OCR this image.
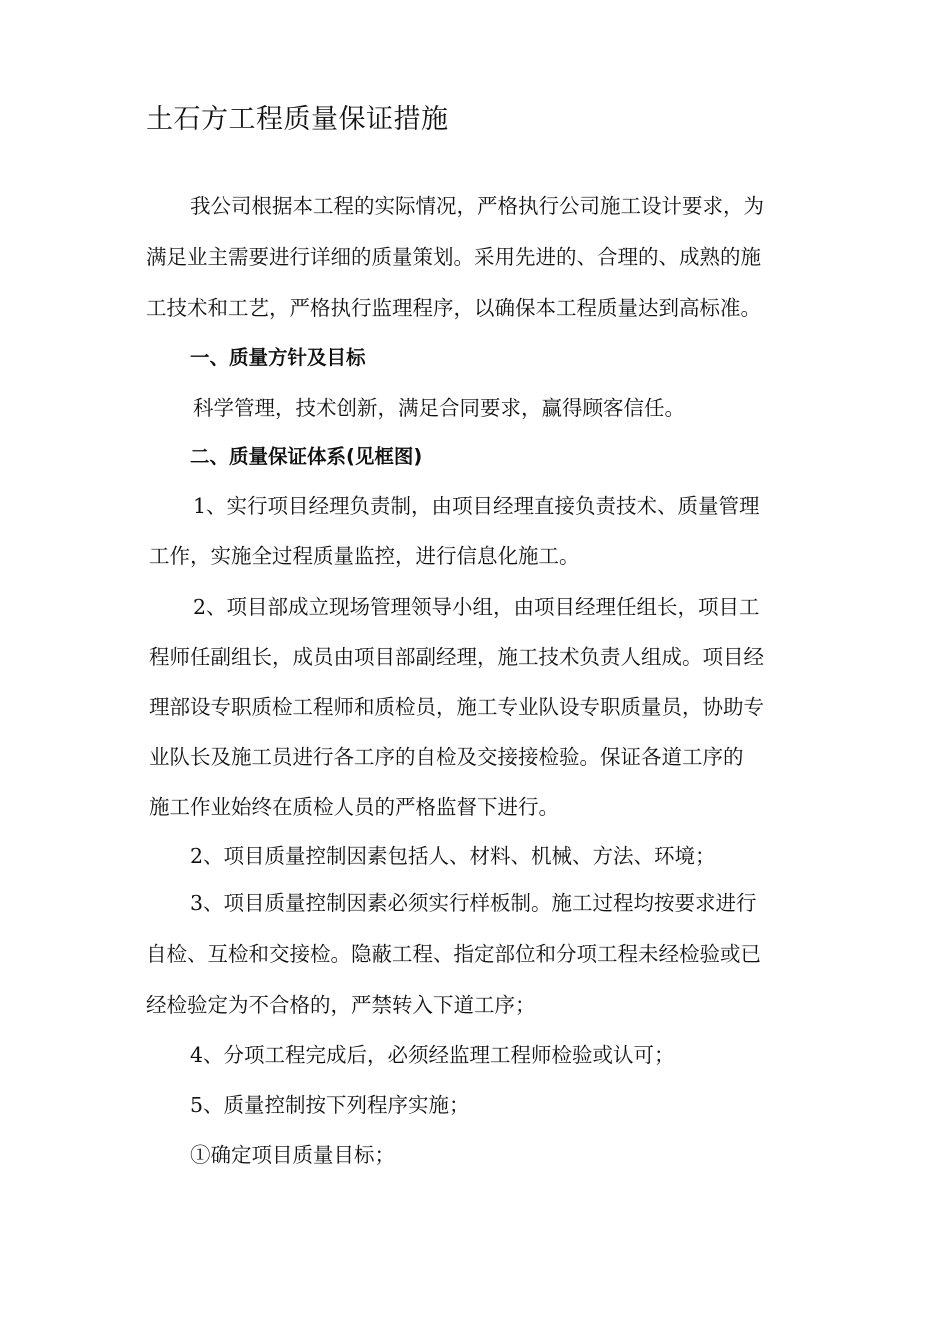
土石方工程质量保证措施

我公司根据本工程的实际情况，严格执行公司施工设计要求，为

满足业主需要进行详细的质量策划。采用先进的、合理的、成熟的施

工技术和工艺，严格执行监理程序，以确保本工程质量达到高标准。

一、质量方针及目标

科学管理，技术创新，满足合同要求，赢得顾客信任。

二、质量保证体系(见框图)

1、实行项目经理负责制，由项目经理直接负责技术、质量管理

工作，实施全过程质量监控，进行信息化施工。

2、项目部成立现场管理领导小组，由项目经理任组长，项目工

程师任副组长，成员由项目部副经理，施工技术负责人组成。项目经

理部设专职质检工程师和质检员，施工专业队设专职质量员，协助专

业队长及施工员进行各工序的自检及交接接检验。保证各道工序的

施工作业始终在质检人员的严格监督下进行。

2、项目质量控制因素包括人、材料、机械、方法、环境；

3、项目质量控制因素必须实行样板制。施工过程均按要求进行

自检、互检和交接检。隐蔽工程、指定部位和分项工程未经检验或已

经检验定为不合格的，严禁转入下道工序；

4、分项工程完成后，必须经监理工程师检验或认可；

5、质量控制按下列程序实施；

①确定项目质量目标；
